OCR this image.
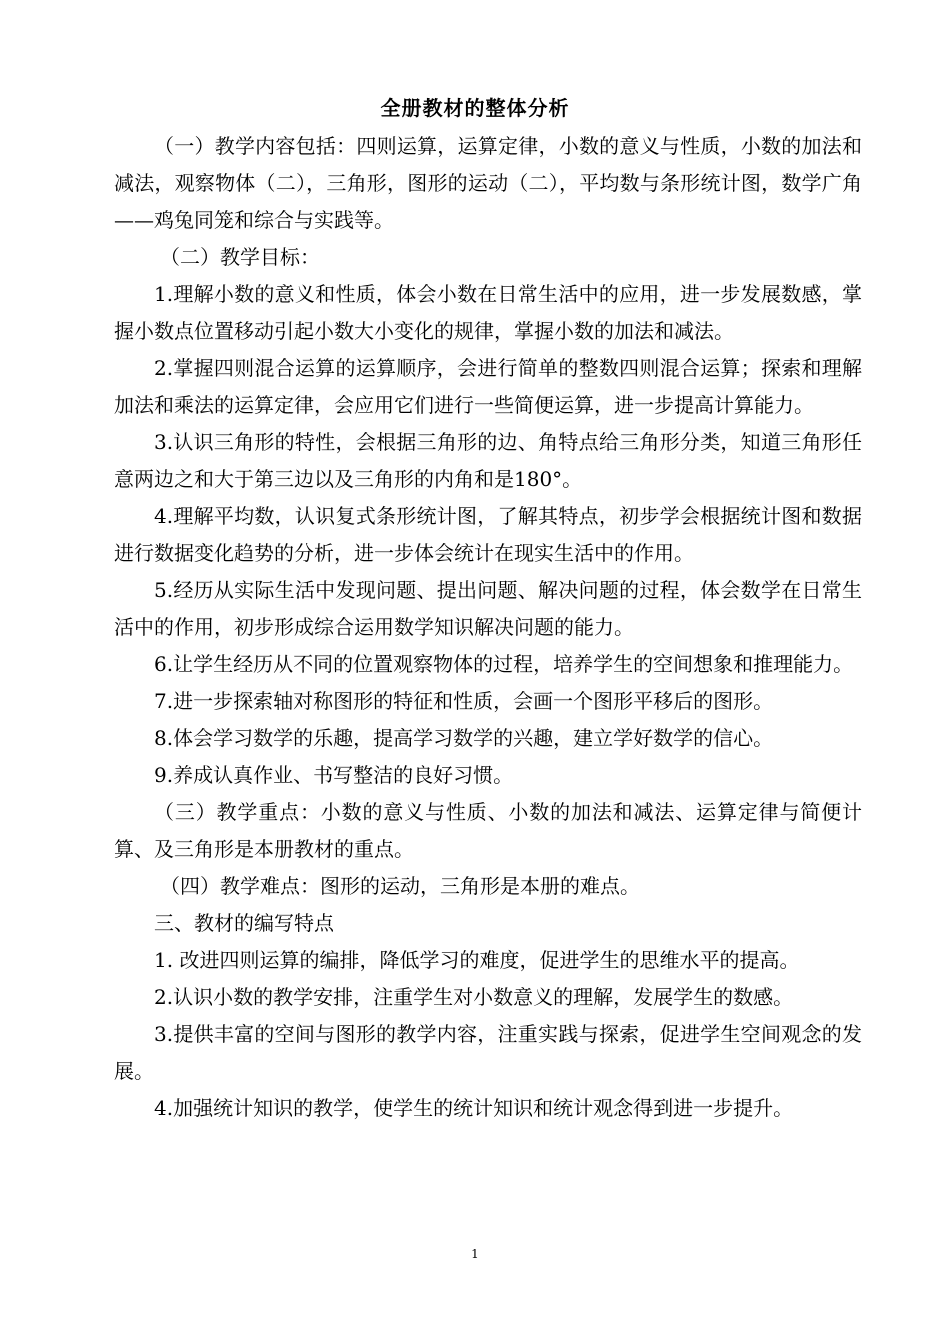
全册教材的整体分析

（一）教学内容包括：四则运算，运算定律，小数的意义与性质，小数的加法和减法，观察物体（二），三角形，图形的运动（二），平均数与条形统计图，数学广角——鸡兔同笼和综合与实践等。

（二）教学目标：

1.理解小数的意义和性质，体会小数在日常生活中的应用，进一步发展数感，掌握小数点位置移动引起小数大小变化的规律，掌握小数的加法和减法。

2.掌握四则混合运算的运算顺序，会进行简单的整数四则混合运算；探索和理解加法和乘法的运算定律，会应用它们进行一些简便运算，进一步提高计算能力。

3.认识三角形的特性，会根据三角形的边、角特点给三角形分类，知道三角形任意两边之和大于第三边以及三角形的内角和是180°。

4.理解平均数，认识复式条形统计图，了解其特点，初步学会根据统计图和数据进行数据变化趋势的分析，进一步体会统计在现实生活中的作用。

5.经历从实际生活中发现问题、提出问题、解决问题的过程，体会数学在日常生活中的作用，初步形成综合运用数学知识解决问题的能力。

6.让学生经历从不同的位置观察物体的过程，培养学生的空间想象和推理能力。

7.进一步探索轴对称图形的特征和性质，会画一个图形平移后的图形。

8.体会学习数学的乐趣，提高学习数学的兴趣，建立学好数学的信心。

9.养成认真作业、书写整洁的良好习惯。

（三）教学重点：小数的意义与性质、小数的加法和减法、运算定律与简便计算、及三角形是本册教材的重点。

（四）教学难点：图形的运动，三角形是本册的难点。

三、教材的编写特点

1. 改进四则运算的编排，降低学习的难度，促进学生的思维水平的提高。

2.认识小数的教学安排，注重学生对小数意义的理解，发展学生的数感。

3.提供丰富的空间与图形的教学内容，注重实践与探索，促进学生空间观念的发展。

4.加强统计知识的教学，使学生的统计知识和统计观念得到进一步提升。

1
